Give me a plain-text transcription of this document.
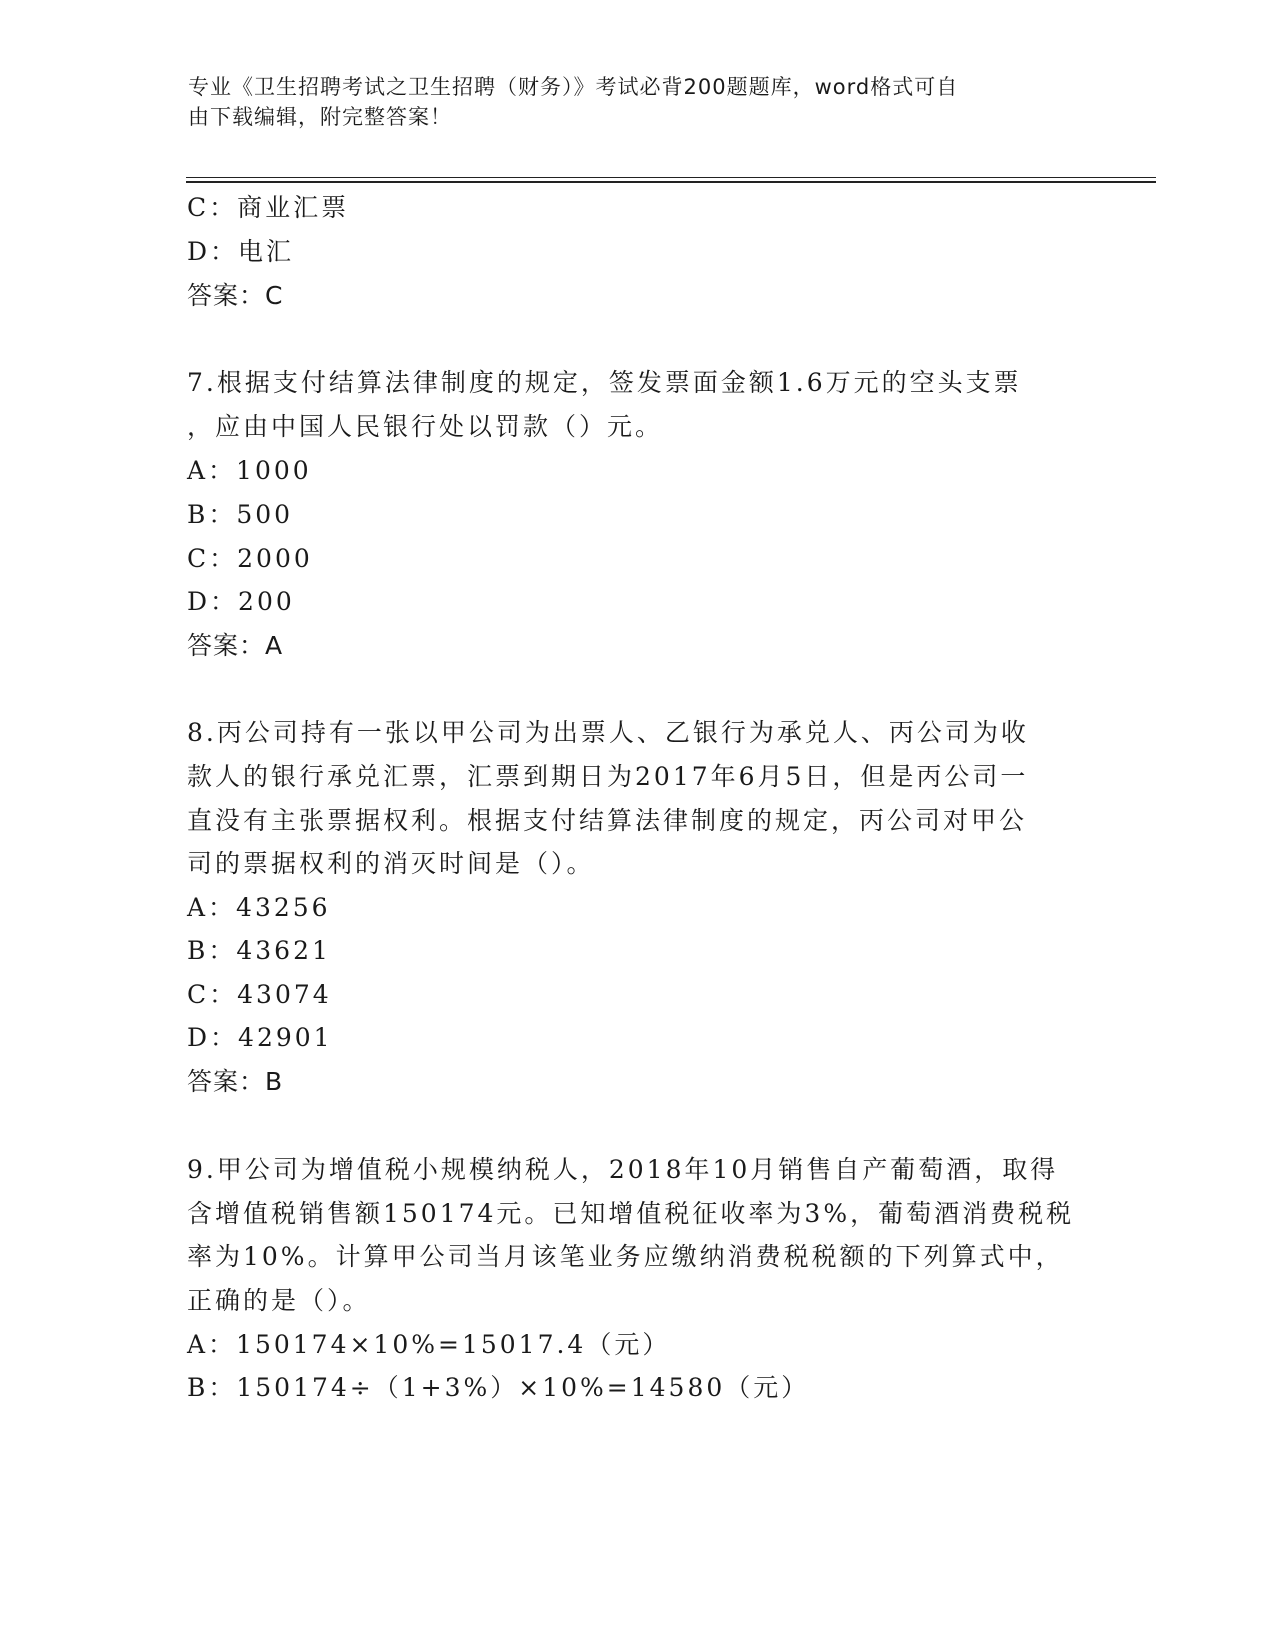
专业《卫生招聘考试之卫生招聘（财务）》考试必背200题题库，word格式可自
由下载编辑，附完整答案！
C：商业汇票
D：电汇
答案：C
7.根据支付结算法律制度的规定，签发票面金额1.6万元的空头支票
，应由中国人民银行处以罚款（）元。
A：1000
B：500
C：2000
D：200
答案：A
8.丙公司持有一张以甲公司为出票人、乙银行为承兑人、丙公司为收
款人的银行承兑汇票，汇票到期日为2017年6月5日，但是丙公司一
直没有主张票据权利。根据支付结算法律制度的规定，丙公司对甲公
司的票据权利的消灭时间是（）。
A：43256
B：43621
C：43074
D：42901
答案：B
9.甲公司为增值税小规模纳税人，2018年10月销售自产葡萄酒，取得
含增值税销售额150174元。已知增值税征收率为3%，葡萄酒消费税税
率为10%。计算甲公司当月该笔业务应缴纳消费税税额的下列算式中，
正确的是（）。
A：150174×10%=15017.4（元）
B：150174÷（1+3%）×10%=14580（元）
